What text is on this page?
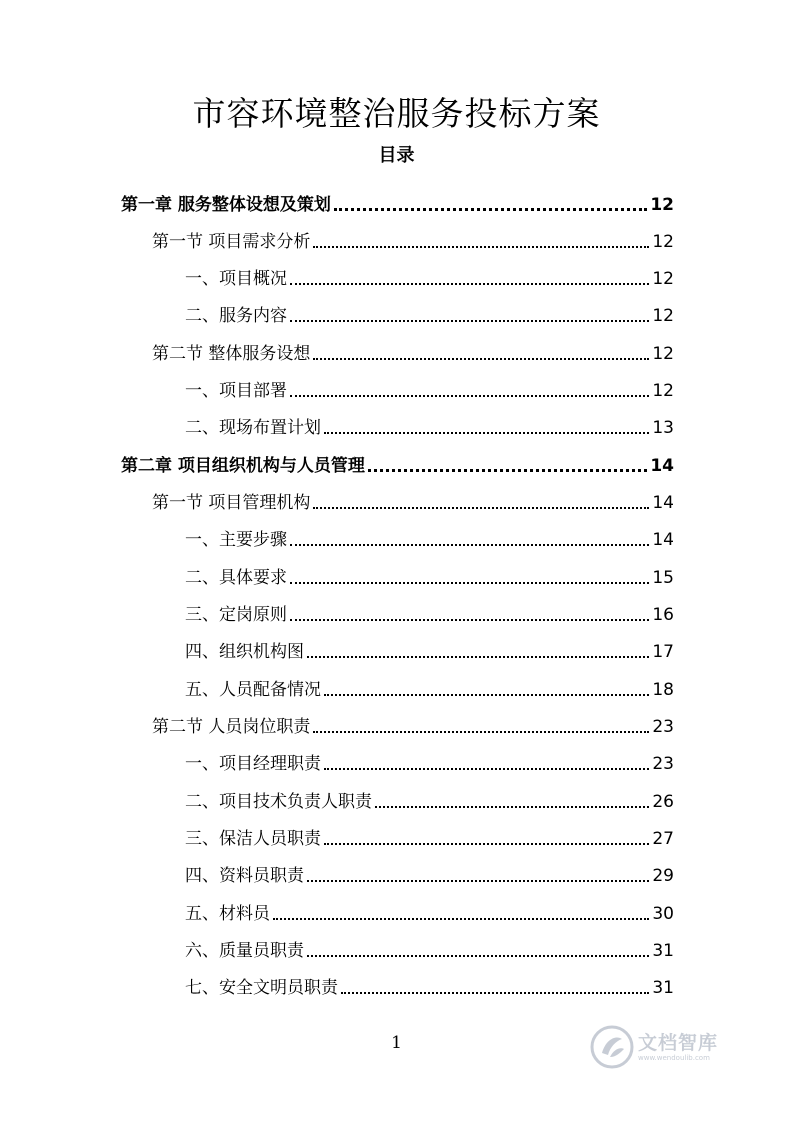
市容环境整治服务投标方案
目录
第一章 服务整体设想及策划	12
第一节 项目需求分析	12
一、项目概况	12
二、服务内容	12
第二节 整体服务设想	12
一、项目部署	12
二、现场布置计划	13
第二章 项目组织机构与人员管理	14
第一节 项目管理机构	14
一、主要步骤	14
二、具体要求	15
三、定岗原则	16
四、组织机构图	17
五、人员配备情况	18
第二节 人员岗位职责	23
一、项目经理职责	23
二、项目技术负责人职责	26
三、保洁人员职责	27
四、资料员职责	29
五、材料员	30
六、质量员职责	31
七、安全文明员职责	31
1	文档智库
www.wendoulib.com
